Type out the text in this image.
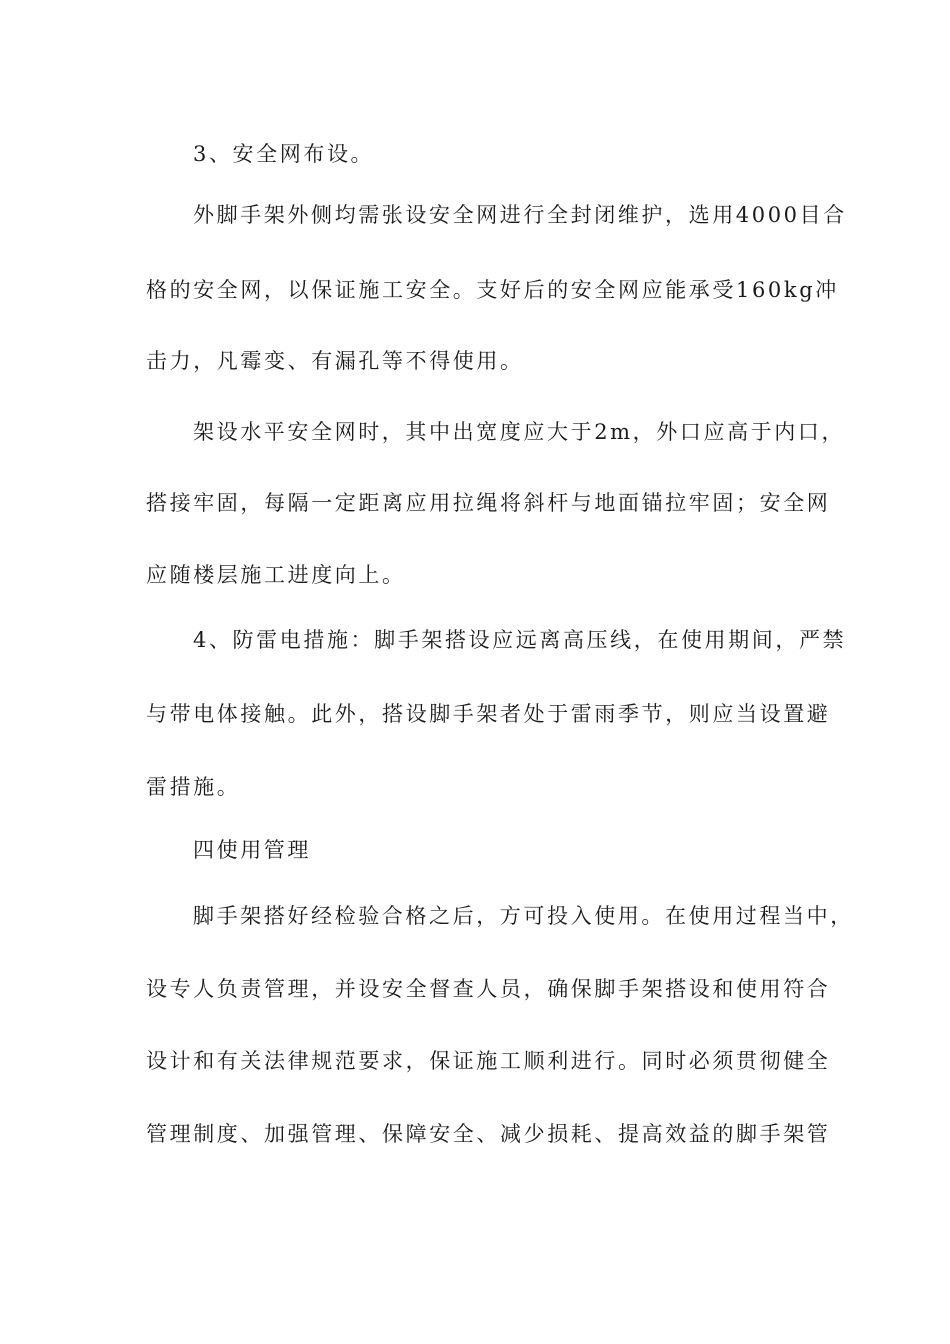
3、安全网布设。
外脚手架外侧均需张设安全网进行全封闭维护，选用4000目合
格的安全网，以保证施工安全。支好后的安全网应能承受160kg冲
击力，凡霉变、有漏孔等不得使用。
架设水平安全网时，其中出宽度应大于2m，外口应高于内口，
搭接牢固，每隔一定距离应用拉绳将斜杆与地面锚拉牢固；安全网
应随楼层施工进度向上。
4、防雷电措施：脚手架搭设应远离高压线，在使用期间，严禁
与带电体接触。此外，搭设脚手架者处于雷雨季节，则应当设置避
雷措施。
四使用管理
脚手架搭好经检验合格之后，方可投入使用。在使用过程当中，
设专人负责管理，并设安全督查人员，确保脚手架搭设和使用符合
设计和有关法律规范要求，保证施工顺利进行。同时必须贯彻健全
管理制度、加强管理、保障安全、减少损耗、提高效益的脚手架管
